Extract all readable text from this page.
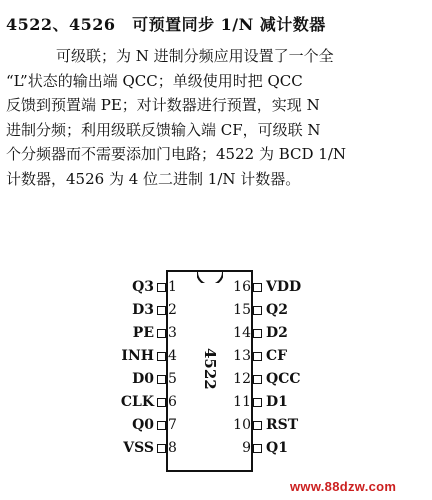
4522、4526　可预置同步 1/N 减计数器
可级联；为 N 进制分频应用设置了一个全
“L”状态的输出端 QCC；单级使用时把 QCC
反馈到预置端 PE；对计数器进行预置，实现 N
进制分频；利用级联反馈输入端 CF，可级联 N
个分频器而不需要添加门电路；4522 为 BCD 1/N
计数器，4526 为 4 位二进制 1/N 计数器。
4522
1
Q3
2
D3
3
PE
4
INH
5
D0
6
CLK
7
Q0
8
VSS
16 VDD
15 Q2
14 D2
13 CF
12 QCC
11 D1
10 RST
9 Q1
www.88dzw.com
